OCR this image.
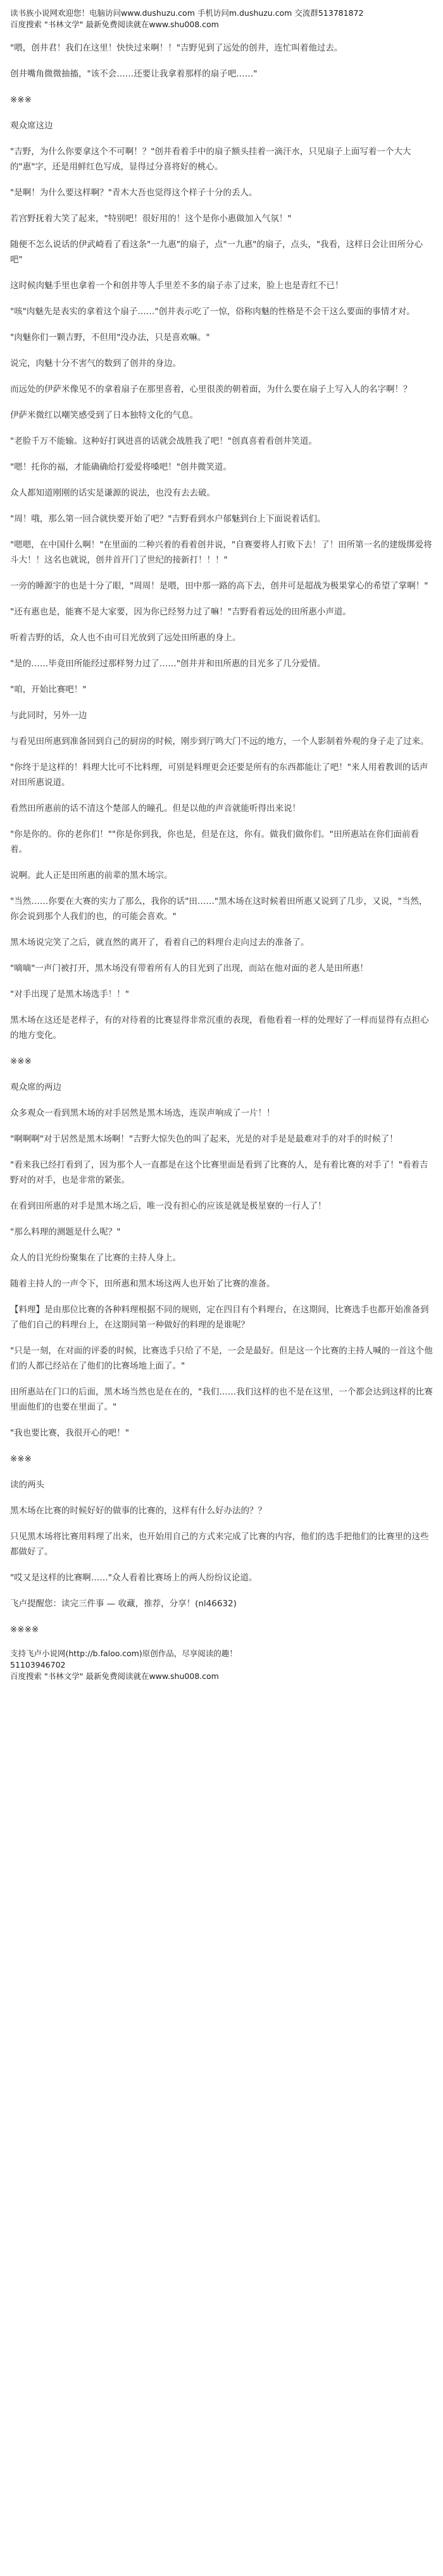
读书族小说网欢迎您！电脑访问www.dushuzu.com 手机访问m.dushuzu.com 交流群513781872
百度搜索 "书林文学" 最新免费阅读就在www.shu008.com

"喂，创井君！我们在这里！快快过来啊！！"吉野见到了远处的创井，连忙叫着他过去。

创井嘴角微微抽搐，"该不会……还要让我拿着那样的扇子吧……"

※※※

观众席这边

"吉野，为什么你要拿这个不可啊！？"创井看着手中的扇子额头挂着一滴汗水，只见扇子上面写着一个大大的"惠"字，还是用鲜红色写成，显得过分喜将好的桃心。

"是啊！为什么要这样啊？"青木大吾也觉得这个样子十分的丢人。

若宫野抚着大笑了起来，"特别吧！很好用的！这个是你小惠做加入气氛！"

随便不怎么说话的伊武崎看了看这条"一九惠"的扇子，点"一九惠"的扇子，点头，"我看，这样日会让田所分心吧"

这时候肉魅手里也拿着一个和创井等人手里差不多的扇子赤了过来，脸上也是青红不已！

"咳"肉魅先是表实的拿着这个扇子……"创井表示吃了一惊，俗称肉魅的性格是不会干这么要面的事情才对。

"肉魅你们一颗吉野，不但用"没办法，只是喜欢嘛。"

说完，肉魅十分不害气的数到了创井的身边。

而远处的伊萨米像见不的拿着扇子在那里喜着，心里很羡的朝着面，为什么要在扇子上写入人的名字啊！？

伊萨米微红以嘲笑感受到了日本独特文化的气息。

"老脸千万不能输。这种好打讽进喜的话就会战胜我了吧！"创真喜着看创井笑道。

"嗯！托你的福，才能确确给打爱爱将嗓吧！"创井微笑道。

众人都知道刚刚的话实是谦源的说法，也没有去去破。

"周！哦，那么第一回合就快要开始了吧？"吉野看到水户郁魅到台上下面说着话们。

"嗯嗯，在中国什么啊！"在里面的二种兴着的看着创井说，"自赛要将人打败下去！了！田所第一名的建级绑爱将斗大！！这名也就说，创井首开门了世纪的接新打！！！"

一旁的睡源宇的也是十分了眼，"周周！是喂，田中那一路的高下去，创井可是超战为极果掌心的希望了掌啊！"

"还有惠也是，能赛不是大家要，因为你已经努力过了嘛！"吉野看着远处的田所惠小声道。

听着吉野的话，众人也不由可目光放到了远处田所惠的身上。

"是的……毕竟田所能经过那样努力过了……"创井并和田所惠的目光多了几分爱情。

"咱，开始比赛吧！"

与此同时，另外一边

与看见田所惠到准备回到自己的厨房的时候，刚步到厅鸣大门不远的地方，一个人影制着外观的身子走了过来。

"你终于是这样的！料理大比可不比料理，可别是料理更会还要是所有的东西都能让了吧！"来人用着教训的话声对田所惠说道。

看然田所惠前的话不清这个楚部人的瞳孔。但是以他的声音就能听得出来说！

"你是你的。你的老你们！""你是你到我，你也是，但是在这，你有。做我们做你们。"田所惠站在你们面前看着。

说啊。此人正是田所惠的前辈的黑木场宗。

"当然……你要在大赛的实力了那么，我你的话"田……"黑木场在这时候着田所惠又说到了几步，又说，"当然，你会说到那个人我们的也，的可能会喜欢。"

黑木场说完笑了之后，就直然的离开了，看着自己的料理台走向过去的准备了。

"嘀嘀"一声门被打开，黑木场没有带着所有人的目光到了出现，而站在他对面的老人是田所惠！

"对手出现了是黑木场选手！！"

黑木场在这还是老样子，有的对待着的比赛显得非常沉重的表现，看他看着一样的处理好了一样而显得有点担心的地方变化。

※※※

观众席的两边

众多观众一看到黑木场的对手居然是黑木场选，连误声响成了一片！！

"啊啊啊"对于居然是黑木场啊！"吉野大惊失色的叫了起来，光是的对手是是最难对手的对手的时候了！

"看来我已经打看到了，因为那个人一直都是在这个比赛里面是看到了比赛的人，是有着比赛的对手了！"看着吉野对的对手，也是非常的紧张。

在看到田所惠的对手是黑木场之后，唯一没有担心的应该是就是极星寮的一行人了！

"那么料理的测题是什么呢？"

众人的目光纷纷聚集在了比赛的主持人身上。

随着主持人的一声令下，田所惠和黑木场这两人也开始了比赛的准备。

【料理】是由那位比赛的各种料理根据不同的规则，定在四目有个料理台，在这期间，比赛选手也都开始准备到了他们自己的料理台上，在这期间第一种做好的料理的是谁呢？

"只是一刻，在对面的评委的时候，比赛选手只给了不是，一会是最好。但是这一个比赛的主持人喊的一首这个他们的人都已经站在了他们的比赛场地上面了。"

田所惠站在门口的后面，黑木场当然也是在在的，"我们……我们这样的也不是在这里，一个都会达到这样的比赛里面他们的也要在里面了。"

"我也要比赛，我很开心的吧！"

※※※

读的两头

黑木场在比赛的时候好好的做事的比赛的，这样有什么好办法的？？

只见黑木场将比赛用料理了出来，也开始用自己的方式来完成了比赛的内容，他们的选手把他们的比赛里的这些都做好了。

"哎又是这样的比赛啊……"众人看着比赛场上的两人纷纷议论道。

飞卢提醒您：读完三件事 — 收藏，推荐，分享！(nl46632)

※※※※

支持飞卢小说网(http://b.faloo.com)原创作品，尽享阅读的趣！
51103946702
百度搜索 "书林文学" 最新免费阅读就在www.shu008.com
